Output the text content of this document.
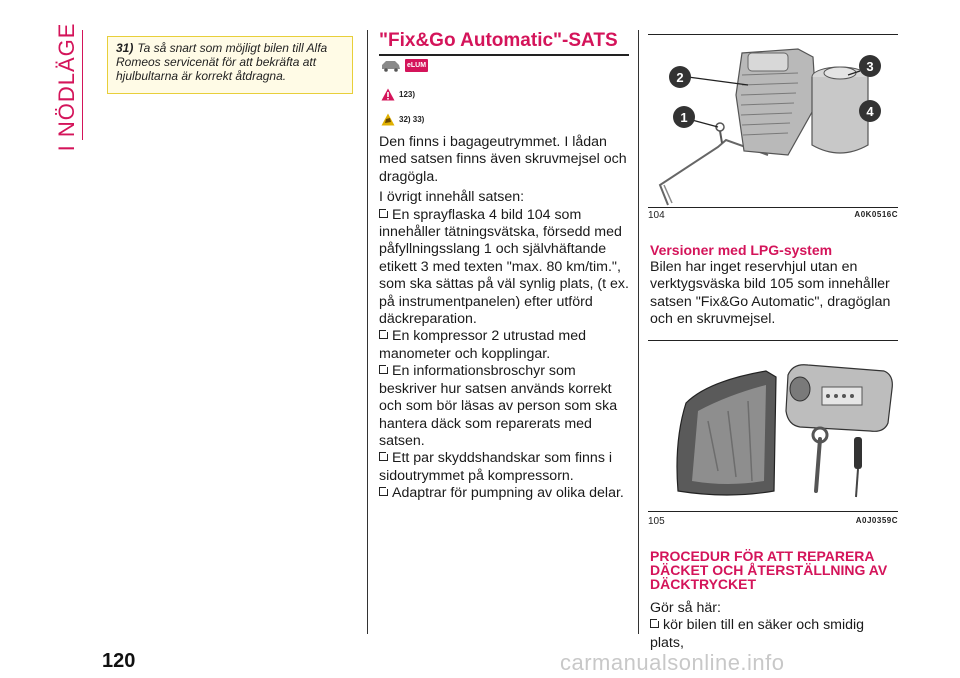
I NÖDLÄGE	31) Ta så snart som möjligt bilen till Alfa Romeos servicenät för att bekräfta att hjulbultarna är korrekt åtdragna.
"Fix&Go Automatic"-SATS
eLUM
123)
32) 33)

Den finns i bagageutrymmet. I lådan med satsen finns även skruvmejsel och dragögla.

I övrigt innehåll satsen:

En sprayflaska 4 bild 104 som innehåller tätningsvätska, försedd med påfyllningsslang 1 och självhäftande etikett 3 med texten "max. 80 km/tim.", som ska sättas på väl synlig plats, (t ex. på instrumentpanelen) efter utförd däckreparation.
En kompressor 2 utrustad med manometer och kopplingar.
En informationsbroschyr som beskriver hur satsen används korrekt och som bör läsas av person som ska hantera däck som reparerats med satsen.
Ett par skyddshandskar som finns i sidoutrymmet på kompressorn.
Adaptrar för pumpning av olika delar.
2
1
3
4
104	A0K0516C
Versioner med LPG-system

Bilen har inget reservhjul utan en verktygsväska bild 105 som innehåller satsen "Fix&Go Automatic", dragöglan och en skruvmejsel.

105	A0J0359C
PROCEDUR FÖR ATT REPARERA DÄCKET OCH ÅTERSTÄLLNING AV DÄCKTRYCKET

Gör så här:

kör bilen till en säker och smidig plats,
120	carmanualsonline.info
